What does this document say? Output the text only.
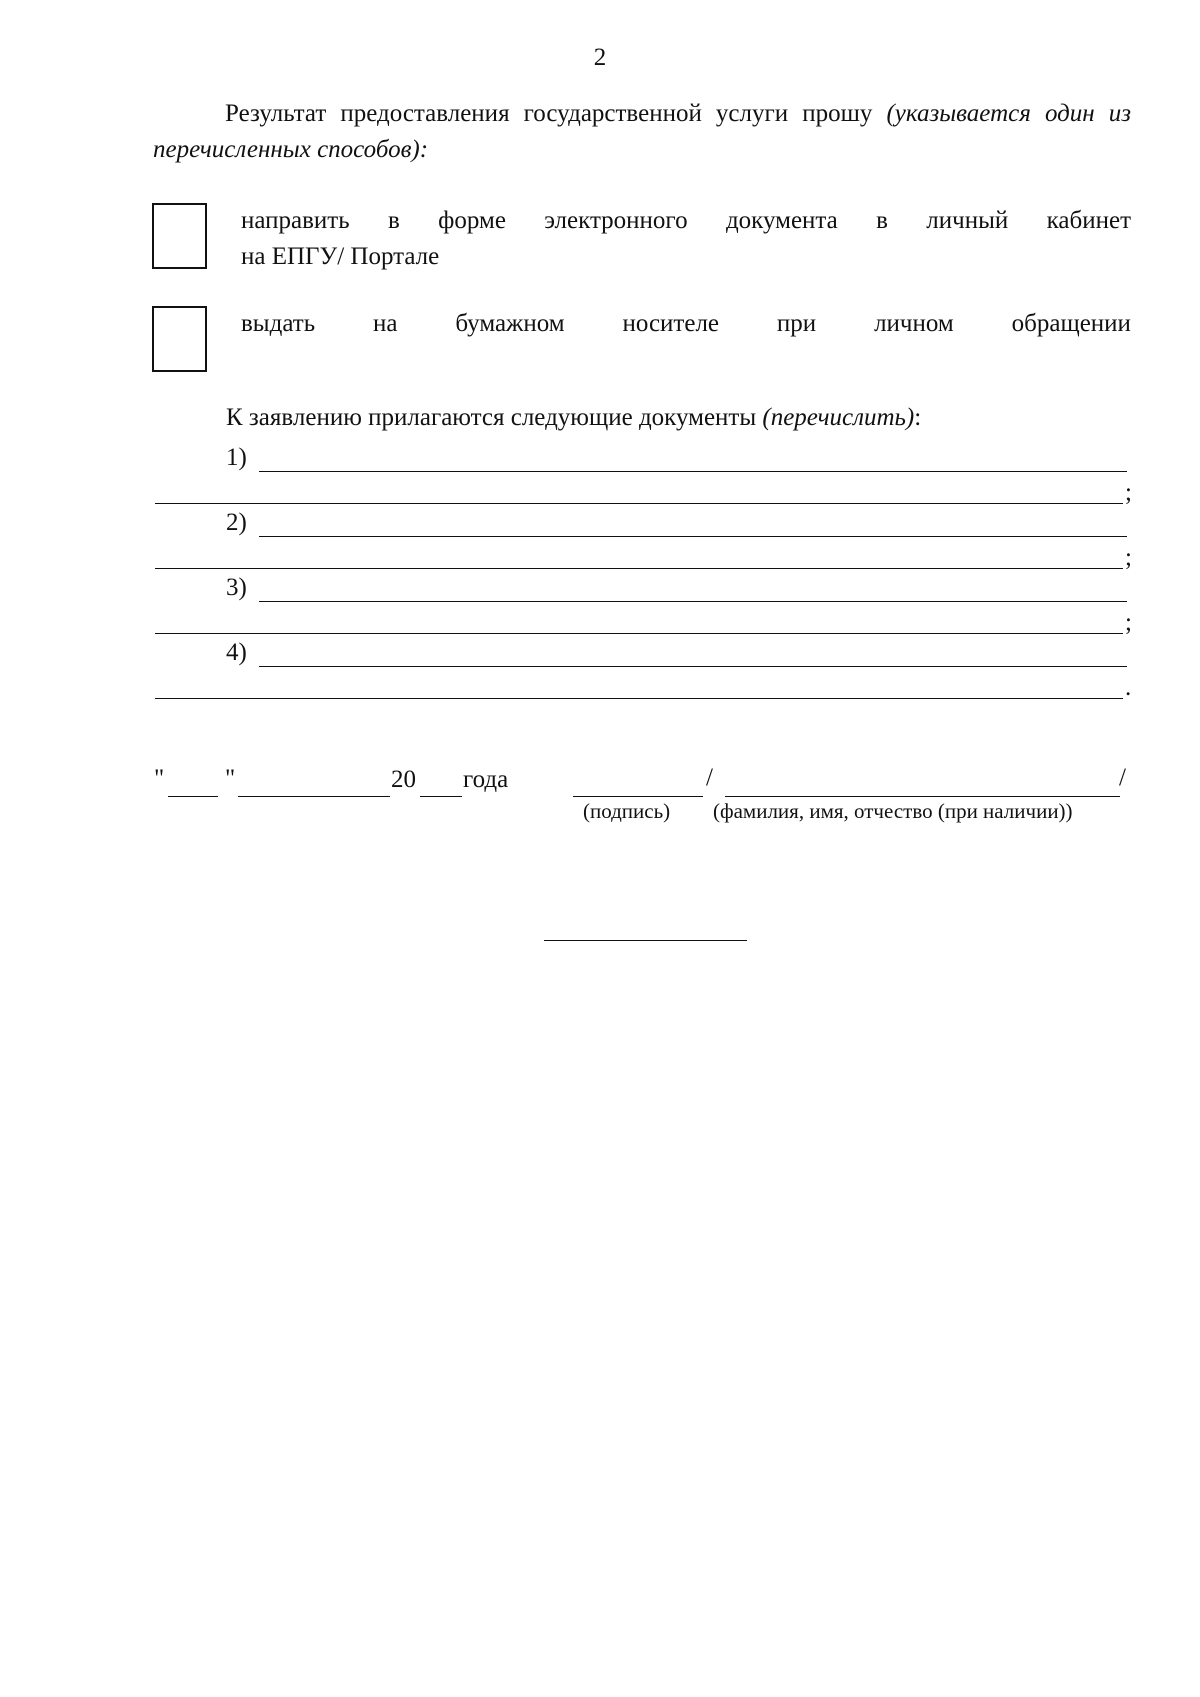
2
Результат предоставления государственной услуги прошу (указывается один из перечисленных способов):
направить в форме электронного документа в личный кабинет
на ЕПГУ/ Портале
выдать на бумажном носителе при личном обращении
К заявлению прилагаются следующие документы (перечислить):
1)
;
2)
;
3)
;
4)
.
" "	20 года	/	/
(подпись) (фамилия, имя, отчество (при наличии))
